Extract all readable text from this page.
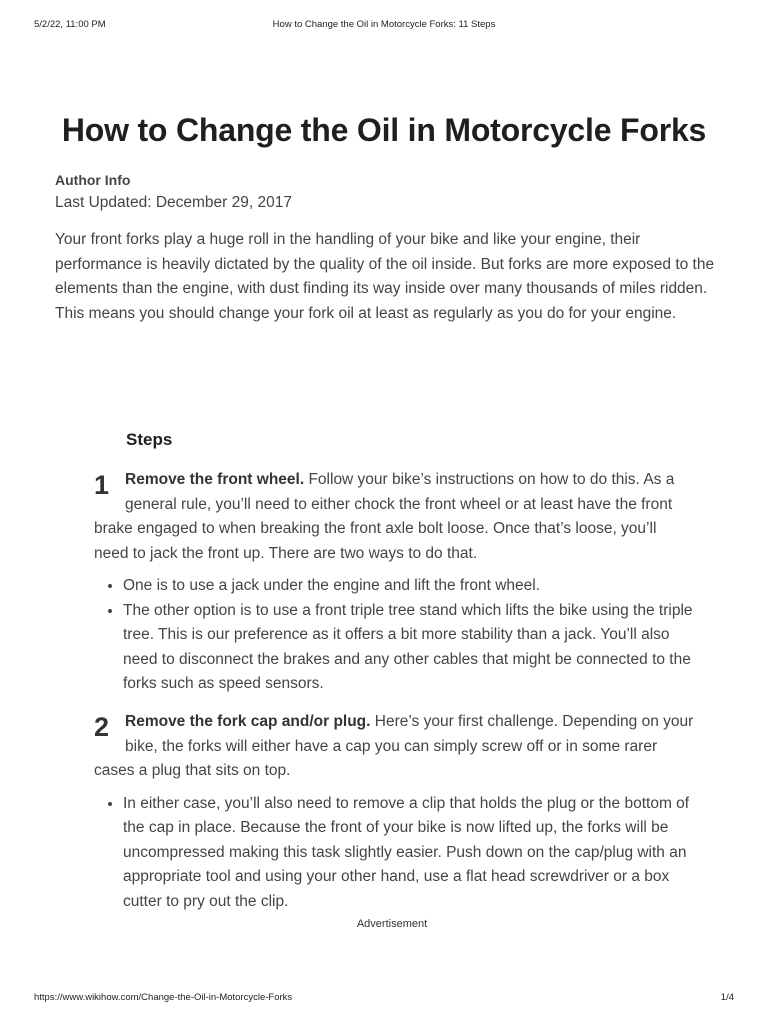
5/2/22, 11:00 PM	How to Change the Oil in Motorcycle Forks: 11 Steps
How to Change the Oil in Motorcycle Forks
Author Info
Last Updated: December 29, 2017

Your front forks play a huge roll in the handling of your bike and like your engine, their performance is heavily dictated by the quality of the oil inside. But forks are more exposed to the elements than the engine, with dust finding its way inside over many thousands of miles ridden. This means you should change your fork oil at least as regularly as you do for your engine.

Steps
1	Remove the front wheel. Follow your bike’s instructions on how to do this. As a general rule, you’ll need to either chock the front wheel or at least have the front brake engaged to when breaking the front axle bolt loose. Once that’s loose, you’ll need to jack the front up. There are two ways to do that.

• One is to use a jack under the engine and lift the front wheel.
• The other option is to use a front triple tree stand which lifts the bike using the triple tree. This is our preference as it offers a bit more stability than a jack. You’ll also need to disconnect the brakes and any other cables that might be connected to the forks such as speed sensors.
2	Remove the fork cap and/or plug. Here’s your first challenge. Depending on your bike, the forks will either have a cap you can simply screw off or in some rarer cases a plug that sits on top.

• In either case, you’ll also need to remove a clip that holds the plug or the bottom of the cap in place. Because the front of your bike is now lifted up, the forks will be uncompressed making this task slightly easier. Push down on the cap/plug with an appropriate tool and using your other hand, use a flat head screwdriver or a box cutter to pry out the clip.
Advertisement
https://www.wikihow.com/Change-the-Oil-in-Motorcycle-Forks	1/4
